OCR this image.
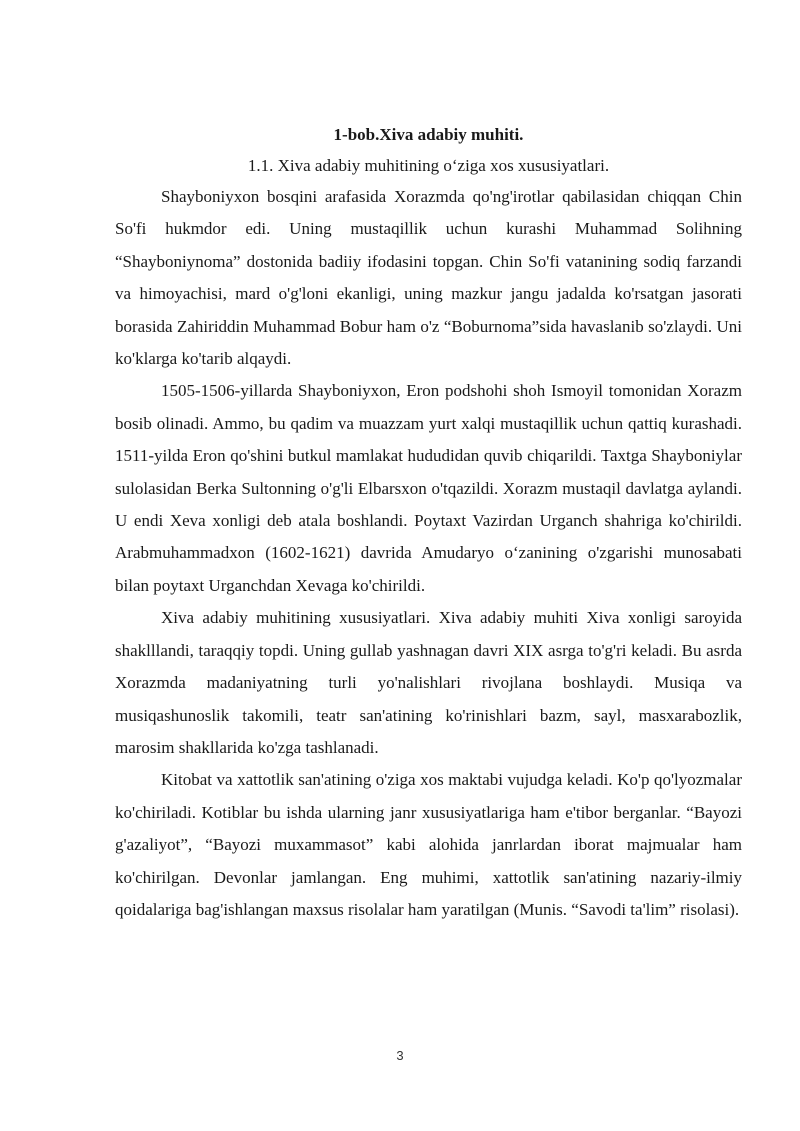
1-bob.Xiva adabiy muhiti.

1.1. Xiva adabiy muhitining o‘ziga xos xususiyatlari.

Shayboniyxon bosqini arafasida Xorazmda qo'ng'irotlar qabilasidan chiqqan Chin So'fi hukmdor edi. Uning mustaqillik uchun kurashi Muhammad Solihning “Shayboniynoma” dostonida badiiy ifodasini topgan. Chin So'fi vatanining sodiq farzandi va himoyachisi, mard o'g'loni ekanligi, uning mazkur jangu jadalda ko'rsatgan jasorati borasida Zahiriddin Muhammad Bobur ham o'z “Boburnoma”sida havaslanib so'zlaydi. Uni ko'klarga ko'tarib alqaydi.

1505-1506-yillarda Shayboniyxon, Eron podshohi shoh Ismoyil tomonidan Xorazm bosib olinadi. Ammo, bu qadim va muazzam yurt xalqi mustaqillik uchun qattiq kurashadi. 1511-yilda Eron qo'shini butkul mamlakat hududidan quvib chiqarildi. Taxtga Shayboniylar sulolasidan Berka Sultonning o'g'li Elbarsxon o'tqazildi. Xorazm mustaqil davlatga aylandi. U endi Xeva xonligi deb atala boshlandi. Poytaxt Vazirdan Urganch shahriga ko'chirildi. Arabmuhammadxon (1602-1621) davrida Amudaryo o‘zanining o'zgarishi munosabati bilan poytaxt Urganchdan Xevaga ko'chirildi.

Xiva adabiy muhitining xususiyatlari. Xiva adabiy muhiti Xiva xonligi saroyida shaklllandi, taraqqiy topdi. Uning gullab yashnagan davri XIX asrga to'g'ri keladi. Bu asrda Xorazmda madaniyatning turli yo'nalishlari rivojlana boshlaydi. Musiqa va musiqashunoslik takomili, teatr san'atining ko'rinishlari bazm, sayl, masxarabozlik, marosim shakllarida ko'zga tashlanadi.

Kitobat va xattotlik san'atining o'ziga xos maktabi vujudga keladi. Ko'p qo'lyozmalar ko'chiriladi. Kotiblar bu ishda ularning janr xususiyatlariga ham e'tibor berganlar. “Bayozi g'azaliyot”, “Bayozi muxammasot” kabi alohida janrlardan iborat majmualar ham ko'chirilgan. Devonlar jamlangan. Eng muhimi, xattotlik san'atining nazariy-ilmiy qoidalariga bag'ishlangan maxsus risolalar ham yaratilgan (Munis. “Savodi ta'lim” risolasi).

3
